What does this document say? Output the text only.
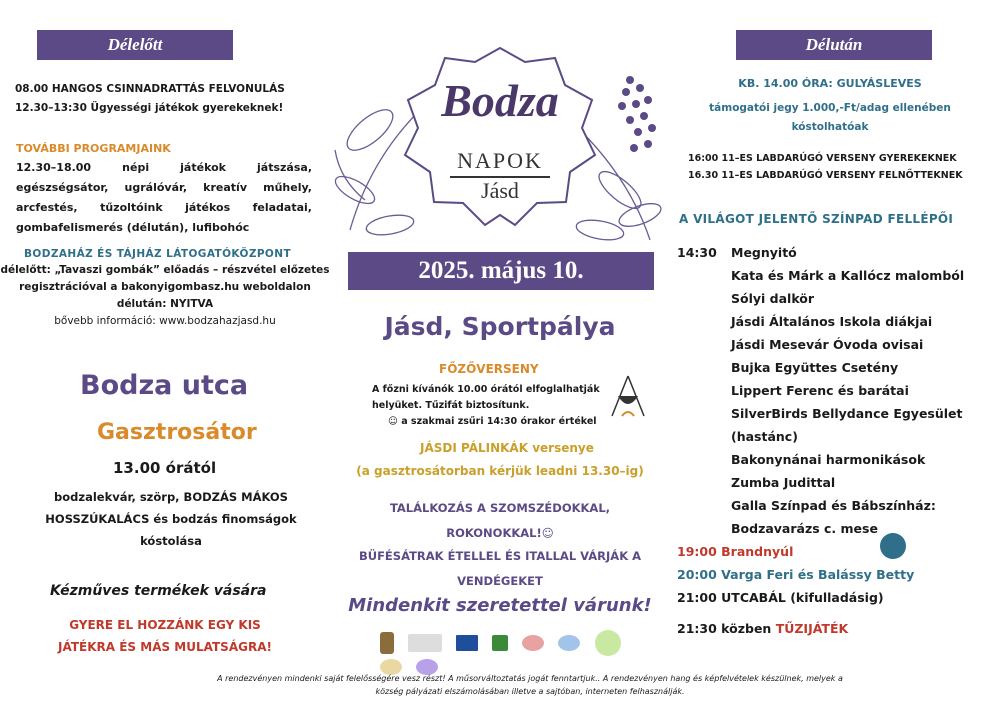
Délelőtt
08.00 HANGOS CSINNADRATTÁS FELVONULÁS
12.30–13:30 Ügyességi játékok gyerekeknek!
TOVÁBBI PROGRAMJAINK
12.30–18.00 népi játékok játszása, egészségsátor, ugrálóvár, kreatív műhely, arcfestés, tűzoltóink játékos feladatai, gombafelismerés (délután), lufibohóc
BODZAHÁZ ÉS TÁJHÁZ LÁTOGATÓKÖZPONT
délelőtt: „Tavaszi gombák” előadás – részvétel előzetes
regisztrációval a bakonyigombasz.hu weboldalon
délután: NYITVA
bővebb információ: www.bodzahazjasd.hu
Bodza utca
Gasztrosátor
13.00 órától
bodzalekvár, szörp, BODZÁS MÁKOS
HOSSZÚKALÁCS és bodzás finomságok
kóstolása
Kézműves termékek vására
GYERE EL HOZZÁNK EGY KIS
JÁTÉKRA ÉS MÁS MULATSÁGRA!
Bodza
NAPOK
Jásd
2025. május 10.
Jásd, Sportpálya
FŐZŐVERSENY
A főzni kívánók 10.00 órától elfoglalhatják
helyüket. Tűzifát biztosítunk.
☺ a szakmai zsűri 14:30 órakor értékel
JÁSDI PÁLINKÁK versenye
(a gasztrosátorban kérjük leadni 13.30–ig)
TALÁLKOZÁS A SZOMSZÉDOKKAL,
ROKONOKKAL!☺
BÜFÉSÁTRAK ÉTELLEL ÉS ITALLAL VÁRJÁK A
VENDÉGEKET
Mindenkit szeretettel várunk!

Délután
KB. 14.00 ÓRA: GULYÁSLEVES
támogatói jegy 1.000,-Ft/adag ellenében
kóstolhatóak
16:00 11–ES LABDARÚGÓ VERSENY GYEREKEKNEK
16.30 11–ES LABDARÚGÓ VERSENY FELNŐTTEKNEK
A VILÁGOT JELENTŐ SZÍNPAD FELLÉPŐI
14:30 Megnyitó
Kata és Márk a Kallócz malomból
Sólyi dalkör
Jásdi Általános Iskola diákjai
Jásdi Mesevár Óvoda ovisai
Bujka Együttes Csetény
Lippert Ferenc és barátai
SilverBirds Bellydance Egyesület
(hastánc)
Bakonynánai harmonikások
Zumba Judittal
Galla Színpad és Bábszínház:
Bodzavarázs c. mese
19:00 Brandnyúl
20:00 Varga Feri és Balássy Betty
21:00 UTCABÁL (kifulladásig)
21:30 közben TŰZIJÁTÉK
A rendezvényen mindenki saját felelősségére vesz részt! A műsorváltoztatás jogát fenntartjuk.. A rendezvényen hang és képfelvételek készülnek, melyek a
község pályázati elszámolásában illetve a sajtóban, interneten felhasználják.
